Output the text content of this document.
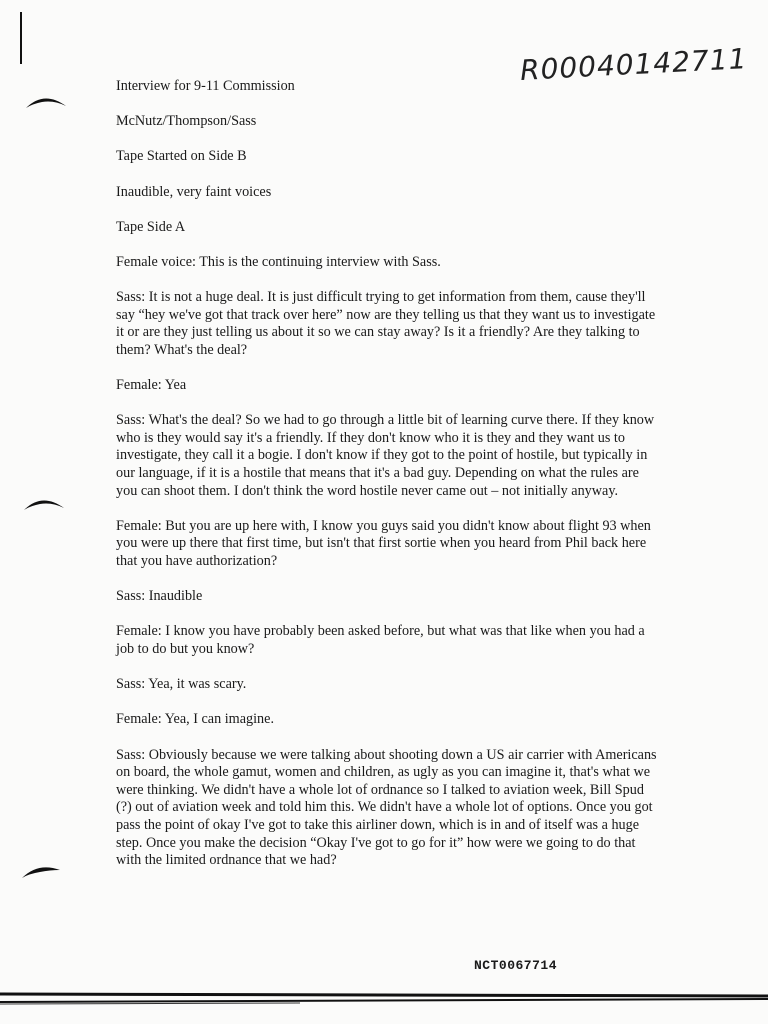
R00040142711

Interview for 9-11 Commission

McNutz/Thompson/Sass

Tape Started on Side B

Inaudible, very faint voices

Tape Side A

Female voice: This is the continuing interview with Sass.

Sass: It is not a huge deal. It is just difficult trying to get information from them, cause they'll say “hey we've got that track over here” now are they telling us that they want us to investigate it or are they just telling us about it so we can stay away? Is it a friendly? Are they talking to them? What's the deal?

Female: Yea

Sass: What's the deal? So we had to go through a little bit of learning curve there. If they know who is they would say it's a friendly. If they don't know who it is they and they want us to investigate, they call it a bogie. I don't know if they got to the point of hostile, but typically in our language, if it is a hostile that means that it's a bad guy. Depending on what the rules are you can shoot them. I don't think the word hostile never came out – not initially anyway.

Female: But you are up here with, I know you guys said you didn't know about flight 93 when you were up there that first time, but isn't that first sortie when you heard from Phil back here that you have authorization?

Sass: Inaudible

Female: I know you have probably been asked before, but what was that like when you had a job to do but you know?

Sass: Yea, it was scary.

Female: Yea, I can imagine.

Sass: Obviously because we were talking about shooting down a US air carrier with Americans on board, the whole gamut, women and children, as ugly as you can imagine it, that's what we were thinking. We didn't have a whole lot of ordnance so I talked to aviation week, Bill Spud (?) out of aviation week and told him this. We didn't have a whole lot of options. Once you got pass the point of okay I've got to take this airliner down, which is in and of itself was a huge step. Once you make the decision “Okay I've got to go for it” how were we going to do that with the limited ordnance that we had?

NCT0067714
